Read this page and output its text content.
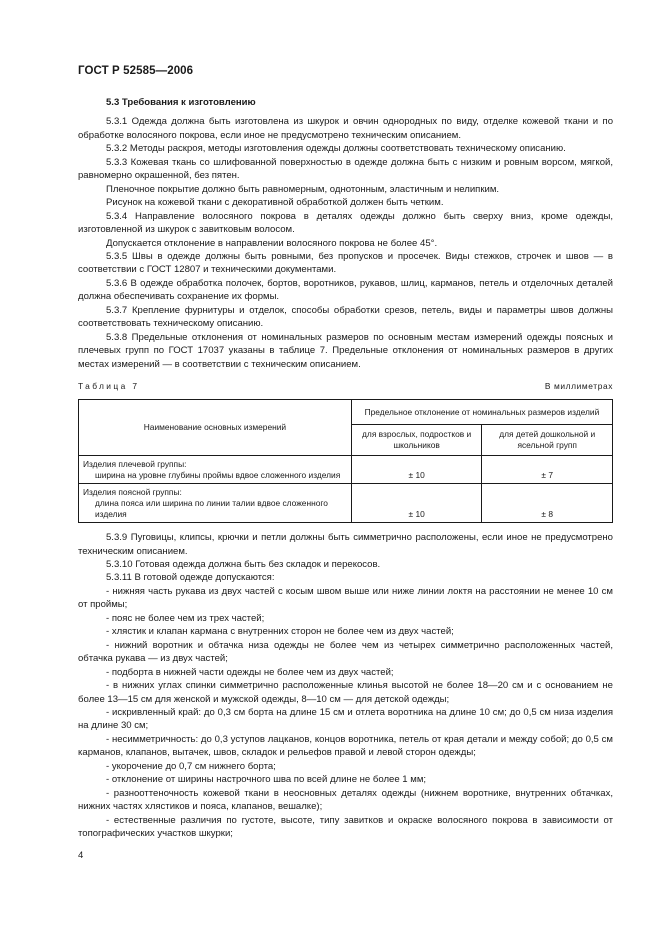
ГОСТ Р 52585—2006
5.3 Требования к изготовлению

5.3.1 Одежда должна быть изготовлена из шкурок и овчин однородных по виду, отделке кожевой ткани и по обработке волосяного покрова, если иное не предусмотрено техническим описанием.

5.3.2 Методы раскроя, методы изготовления одежды должны соответствовать техническому описанию.

5.3.3 Кожевая ткань со шлифованной поверхностью в одежде должна быть с низким и ровным ворсом, мягкой, равномерно окрашенной, без пятен.

Пленочное покрытие должно быть равномерным, однотонным, эластичным и нелипким.

Рисунок на кожевой ткани с декоративной обработкой должен быть четким.

5.3.4 Направление волосяного покрова в деталях одежды должно быть сверху вниз, кроме одежды, изготовленной из шкурок с завитковым волосом.

Допускается отклонение в направлении волосяного покрова не более 45°.

5.3.5 Швы в одежде должны быть ровными, без пропусков и просечек. Виды стежков, строчек и швов — в соответствии с ГОСТ 12807 и техническими документами.

5.3.6 В одежде обработка полочек, бортов, воротников, рукавов, шлиц, карманов, петель и отделочных деталей должна обеспечивать сохранение их формы.

5.3.7 Крепление фурнитуры и отделок, способы обработки срезов, петель, виды и параметры швов должны соответствовать техническому описанию.

5.3.8 Предельные отклонения от номинальных размеров по основным местам измерений одежды поясных и плечевых групп по ГОСТ 17037 указаны в таблице 7. Предельные отклонения от номинальных размеров в других местах измерений — в соответствии с техническим описанием.

Таблица 7	В миллиметрах
Наименование основных измерений	Предельное отклонение от номинальных размеров изделий	
	для взрослых, подростков и школьников	для детей дошкольной и ясельной групп
Изделия плечевой группы:
ширина на уровне глубины проймы вдвое сложенного изделия	± 10	± 7
Изделия поясной группы:
длина пояса или ширина по линии талии вдвое сложенного изделия	± 10	± 8

5.3.9 Пуговицы, клипсы, крючки и петли должны быть симметрично расположены, если иное не предусмотрено техническим описанием.

5.3.10 Готовая одежда должна быть без складок и перекосов.

5.3.11 В готовой одежде допускаются:

- нижняя часть рукава из двух частей с косым швом выше или ниже линии локтя на расстоянии не менее 10 см от проймы;

- пояс не более чем из трех частей;

- хлястик и клапан кармана с внутренних сторон не более чем из двух частей;

- нижний воротник и обтачка низа одежды не более чем из четырех симметрично расположенных частей, обтачка рукава — из двух частей;

- подборта в нижней части одежды не более чем из двух частей;

- в нижних углах спинки симметрично расположенные клинья высотой не более 18—20 см и с основанием не более 13—15 см для женской и мужской одежды, 8—10 см — для детской одежды;

- искривленный край: до 0,3 см борта на длине 15 см и отлета воротника на длине 10 см; до 0,5 см низа изделия на длине 30 см;

- несимметричность: до 0,3 уступов лацканов, концов воротника, петель от края детали и между собой; до 0,5 см карманов, клапанов, вытачек, швов, складок и рельефов правой и левой сторон одежды;

- укорочение до 0,7 см нижнего борта;

- отклонение от ширины настрочного шва по всей длине не более 1 мм;

- разнооттеночность кожевой ткани в неосновных деталях одежды (нижнем воротнике, внутренних обтачках, нижних частях хлястиков и пояса, клапанов, вешалке);

- естественные различия по густоте, высоте, типу завитков и окраске волосяного покрова в зависимости от топографических участков шкурки;

4
